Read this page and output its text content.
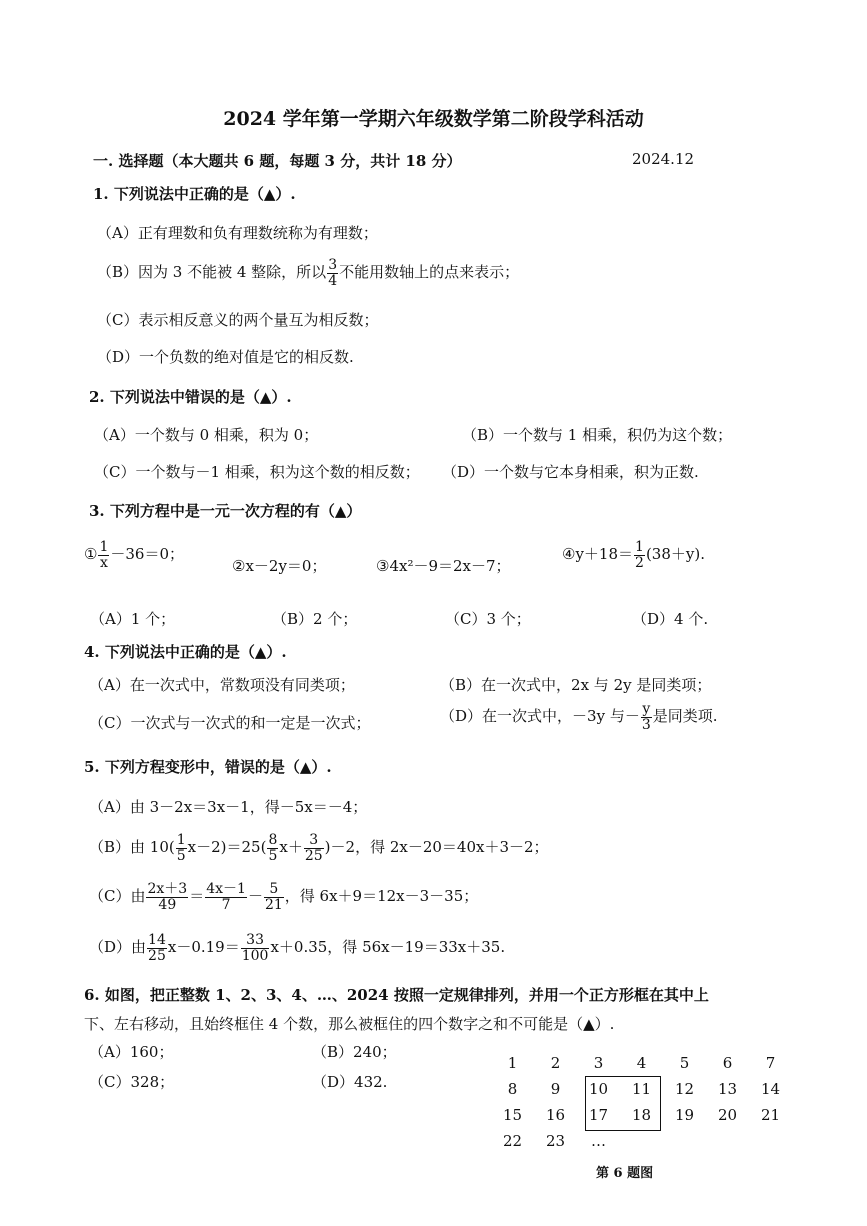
2024 学年第一学期六年级数学第二阶段学科活动
一. 选择题（本大题共 6 题，每题 3 分，共计 18 分）	2024.12
1. 下列说法中正确的是（▲）.
（A）正有理数和负有理数统称为有理数；
（B）因为 3 不能被 4 整除，所以 $\frac{3}{4}$ 不能用数轴上的点来表示；
（C）表示相反意义的两个量互为相反数；
（D）一个负数的绝对值是它的相反数.
2. 下列说法中错误的是（▲）.
（A）一个数与 0 相乘，积为 0；	（B）一个数与 1 相乘，积仍为这个数；
（C）一个数与－1 相乘，积为这个数的相反数； （D）一个数与它本身相乘，积为正数.
3. 下列方程中是一元一次方程的有（▲）
① $\frac{1}{x} -36=0$；
②x－2y＝0；	③4x²－9＝2x－7；
④y＋18＝ $\frac{1}{2} (38+y)$.
（A）1 个；	（B）2 个；	（C）3 个；	（D）4 个.
4. 下列说法中正确的是（▲）.
（A）在一次式中，常数项没有同类项；	（B）在一次式中，2x 与 2y 是同类项；
（C）一次式与一次式的和一定是一次式；	（D）在一次式中，－3y 与－ $\frac{y}{3}$ 是同类项.
5. 下列方程变形中，错误的是（▲）.
（A）由 3－2x＝3x－1，得－5x＝－4；
（B）由 $10( \frac{1}{5} x-2)=25( \frac{8}{5} x+ \frac{3}{25} )-2$，得 2x－20＝40x＋3－2；
（C）由 $\frac{2x+3}{49} = \frac{4x-1}{7} - \frac{5}{21}$ ，得 6x＋9＝12x－3－35；
（D）由 $\frac{14}{25} x-0.19= \frac{33}{100} x+0.35$，得 56x－19＝33x＋35.
6. 如图，把正整数 1、2、3、4、…、2024 按照一定规律排列，并用一个正方形框在其中上
下、左右移动，且始终框住 4 个数，那么被框住的四个数字之和不可能是（▲）.
（A）160；	（B）240；
（C）328；	（D）432.
1	2	3	4	5	6	7
8	9	10	11	12	13	14
15	16	17	18	19	20	21
22	23	…				
第 6 题图
